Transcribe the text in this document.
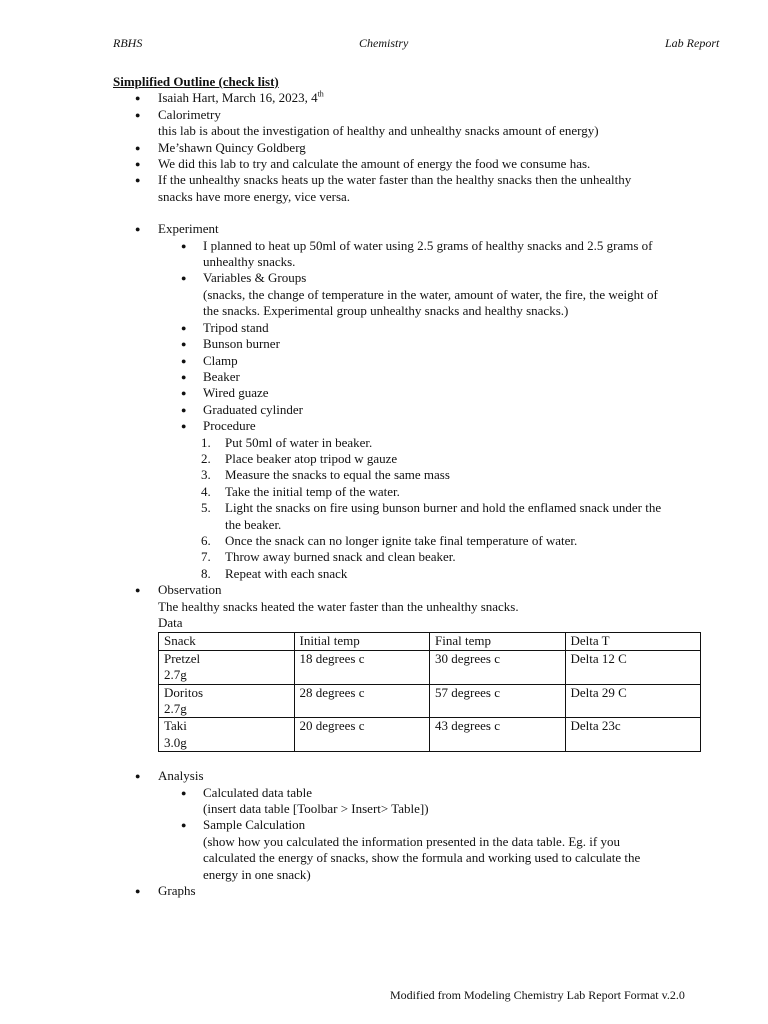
RBHS	Chemistry	Lab Report
Simplified Outline (check list)
● Isaiah Hart, March 16, 2023, 4th
● Calorimetry
this lab is about the investigation of healthy and unhealthy snacks amount of energy)
● Me’shawn Quincy Goldberg
● We did this lab to try and calculate the amount of energy the food we consume has.
● If the unhealthy snacks heats up the water faster than the healthy snacks then the unhealthy
snacks have more energy, vice versa.
● Experiment
● I planned to heat up 50ml of water using 2.5 grams of healthy snacks and 2.5 grams of
unhealthy snacks.
● Variables & Groups
(snacks, the change of temperature in the water, amount of water, the fire, the weight of
the snacks. Experimental group unhealthy snacks and healthy snacks.)
● Tripod stand
● Bunson burner
● Clamp
● Beaker
● Wired guaze
● Graduated cylinder
● Procedure
1. Put 50ml of water in beaker.
2. Place beaker atop tripod w gauze
3. Measure the snacks to equal the same mass
4. Take the initial temp of the water.
5. Light the snacks on fire using bunson burner and hold the enflamed snack under the
the beaker.
6. Once the snack can no longer ignite take final temperature of water.
7. Throw away burned snack and clean beaker.
8. Repeat with each snack
● Observation
The healthy snacks heated the water faster than the unhealthy snacks.
Data
Snack	Initial temp	Final temp	Delta T

Pretzel
2.7g	18 degrees c	30 degrees c	Delta 12 C

Doritos
2.7g	28 degrees c	57 degrees c	Delta 29 C

Taki
3.0g	20 degrees c	43 degrees c	Delta 23c
● Analysis
● Calculated data table
(insert data table [Toolbar > Insert> Table])
● Sample Calculation
(show how you calculated the information presented in the data table. Eg. if you
calculated the energy of snacks, show the formula and working used to calculate the
energy in one snack)
● Graphs
Modified from Modeling Chemistry Lab Report Format v.2.0
